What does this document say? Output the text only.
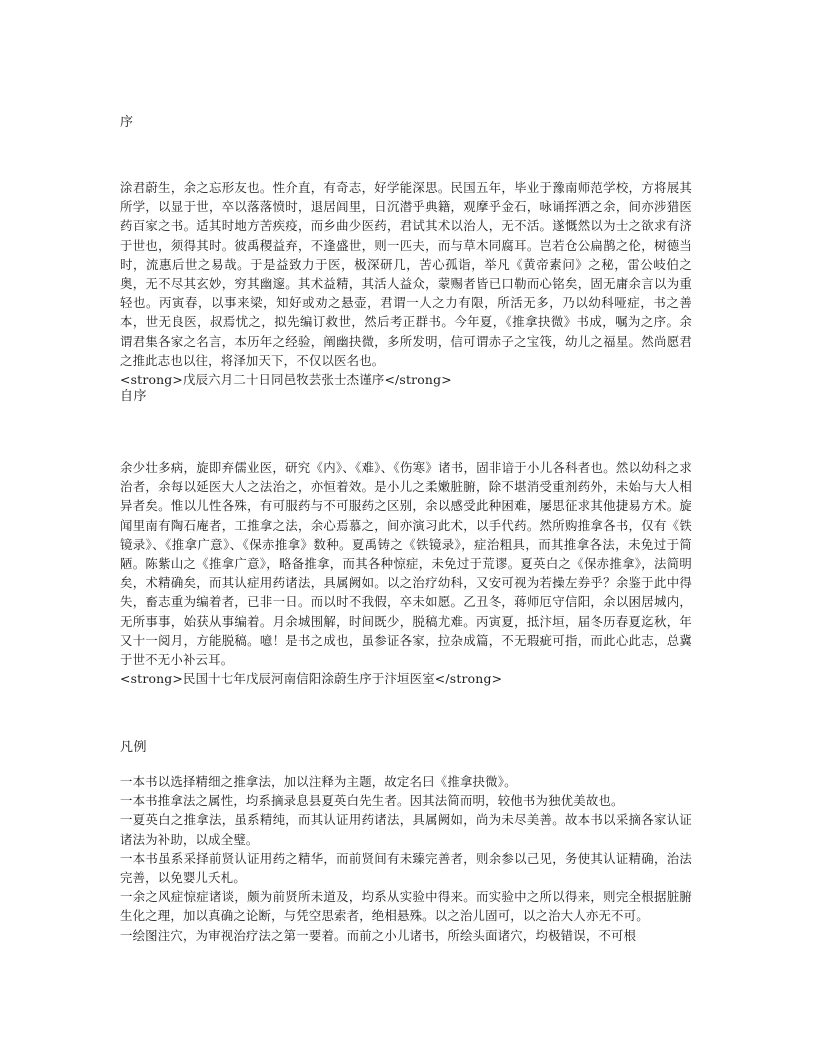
序

涂君蔚生，余之忘形友也。性介直，有奇志，好学能深思。民国五年，毕业于豫南师范学校，方将展其所学，以显于世，卒以落落愤时，退居闾里，日沉潜乎典籍，观摩乎金石，咏诵挥洒之余，间亦涉猎医药百家之书。适其时地方苦疾疫，而乡曲少医药，君试其术以治人，无不活。遂慨然以为士之欲求有济于世也，须得其时。彼禹稷益弃，不逢盛世，则一匹夫，而与草木同腐耳。岂若仓公扁鹊之伦，树德当时，流惠后世之易哉。于是益致力于医，极深研几，苦心孤诣，举凡《黄帝素问》之秘，雷公岐伯之奥，无不尽其玄妙，穷其幽邃。其术益精，其活人益众，蒙赐者皆已口勒而心铭矣，固无庸余言以为重轻也。丙寅春，以事来梁，知好或劝之悬壶，君谓一人之力有限，所活无多，乃以幼科哑症，书之善本，世无良医，叔焉忧之，拟先编订救世，然后考正群书。今年夏，《推拿抉微》书成，嘱为之序。余谓君集各家之名言，本历年之经验，阐幽抉微，多所发明，信可谓赤子之宝筏，幼儿之福星。然尚愿君之推此志也以往，将泽加天下，不仅以医名也。

<strong>戊辰六月二十日同邑牧芸张士杰谨序</strong>
自序

余少壮多病，旋即弃儒业医，研究《内》、《难》、《伤寒》诸书，固非谙于小儿各科者也。然以幼科之求治者，余每以延医大人之法治之，亦恒着效。是小儿之柔嫩脏腑，除不堪消受重剂药外，未始与大人相异者矣。惟以儿性各殊，有可服药与不可服药之区别，余以感受此种困难，屡思征求其他捷易方术。旋闻里南有陶石庵者，工推拿之法，余心焉慕之，间亦演习此术，以手代药。然所购推拿各书，仅有《铁镜录》、《推拿广意》、《保赤推拿》数种。夏禹铸之《铁镜录》，症治粗具，而其推拿各法，未免过于简陋。陈紫山之《推拿广意》，略备推拿，而其各种惊症，未免过于荒谬。夏英白之《保赤推拿》，法简明矣，术精确矣，而其认症用药诸法，具属阙如。以之治疗幼科，又安可视为若操左券乎？余鉴于此中得失，畜志重为编着者，已非一日。而以时不我假，卒未如愿。乙丑冬，蒋师厄守信阳，余以困居城内，无所事事，始获从事编着。月余城围解，时间既少，脱稿尤难。丙寅夏，抵汴垣，届冬历春夏迄秋，年又十一阅月，方能脱稿。噫！是书之成也，虽参证各家，拉杂成篇，不无瑕疵可指，而此心此志，总冀于世不无小补云耳。

<strong>民国十七年戊辰河南信阳涂蔚生序于汴垣医室</strong>
凡例

一本书以选择精细之推拿法，加以注释为主题，故定名曰《推拿抉微》。

一本书推拿法之属性，均系摘录息县夏英白先生者。因其法简而明，较他书为独优美故也。

一夏英白之推拿法，虽系精纯，而其认证用药诸法，具属阙如，尚为未尽美善。故本书以采摘各家认证诸法为补助，以成全璧。

一本书虽系采择前贤认证用药之精华，而前贤间有未臻完善者，则余参以己见，务使其认证精确，治法完善，以免婴儿夭札。

一余之风症惊症诸谈，颇为前贤所未道及，均系从实验中得来。而实验中之所以得来，则完全根据脏腑生化之理，加以真确之论断，与凭空思索者，绝相悬殊。以之治儿固可，以之治大人亦无不可。

一绘图注穴，为审视治疗法之第一要着。而前之小儿诸书，所绘头面诸穴，均极错误，不可根
